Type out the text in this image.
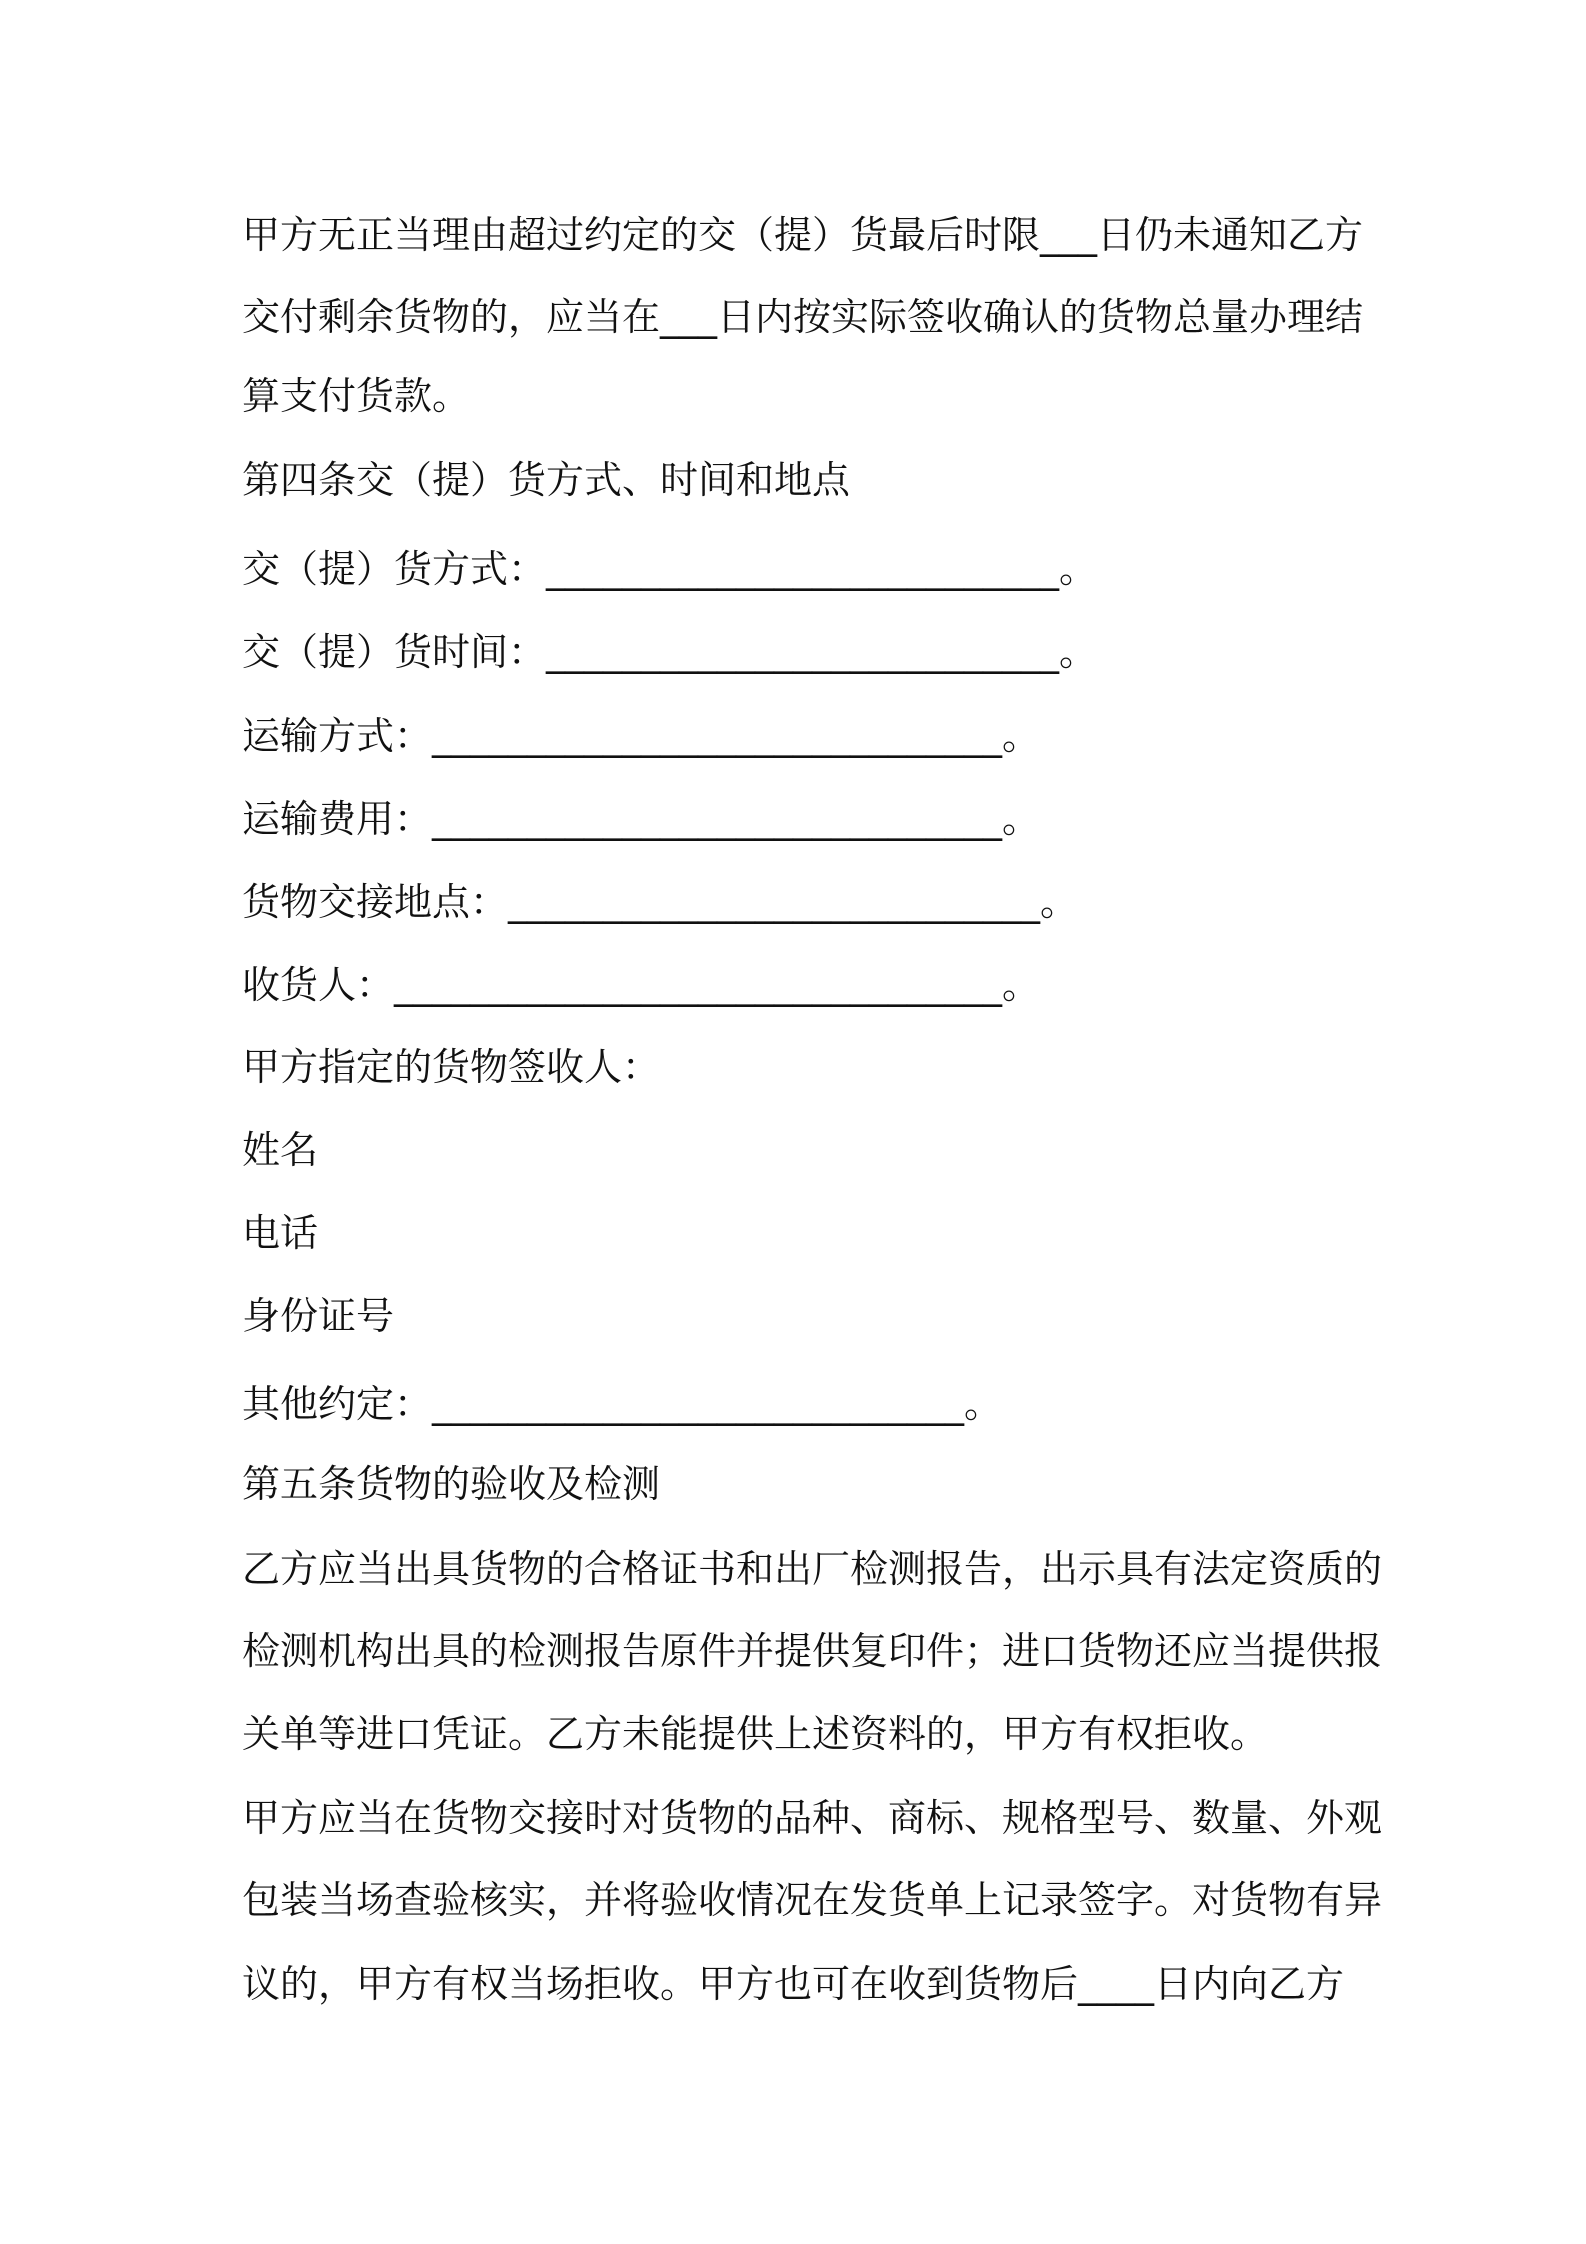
甲方无正当理由超过约定的交（提）货最后时限___日仍未通知乙方
交付剩余货物的，应当在___日内按实际签收确认的货物总量办理结
算支付货款。
第四条交（提）货方式、时间和地点
交（提）货方式：___________________________。
交（提）货时间：___________________________。
运输方式：______________________________。
运输费用：______________________________。
货物交接地点：____________________________。
收货人：________________________________。
甲方指定的货物签收人：
姓名
电话
身份证号
其他约定：____________________________。
第五条货物的验收及检测
乙方应当出具货物的合格证书和出厂检测报告，出示具有法定资质的
检测机构出具的检测报告原件并提供复印件；进口货物还应当提供报
关单等进口凭证。乙方未能提供上述资料的，甲方有权拒收。
甲方应当在货物交接时对货物的品种、商标、规格型号、数量、外观
包装当场查验核实，并将验收情况在发货单上记录签字。对货物有异
议的，甲方有权当场拒收。甲方也可在收到货物后____日内向乙方
